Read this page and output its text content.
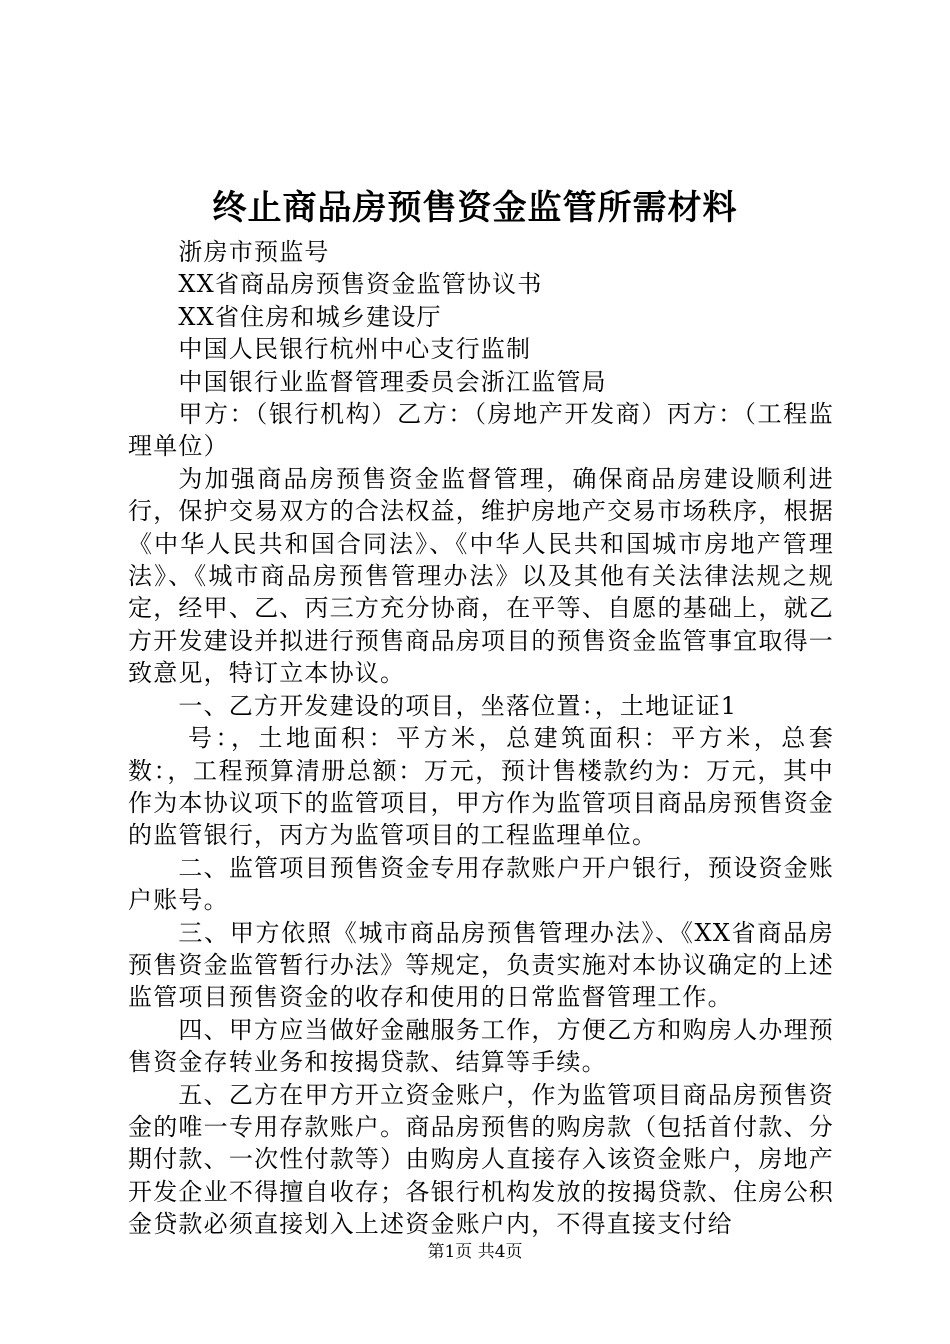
终止商品房预售资金监管所需材料

浙房市预监号

XX省商品房预售资金监管协议书

XX省住房和城乡建设厅

中国人民银行杭州中心支行监制

中国银行业监督管理委员会浙江监管局

甲方：（银行机构）乙方：（房地产开发商）丙方：（工程监理单位）

为加强商品房预售资金监督管理，确保商品房建设顺利进行，保护交易双方的合法权益，维护房地产交易市场秩序，根据《中华人民共和国合同法》、《中华人民共和国城市房地产管理法》、《城市商品房预售管理办法》以及其他有关法律法规之规定，经甲、乙、丙三方充分协商，在平等、自愿的基础上，就乙方开发建设并拟进行预售商品房项目的预售资金监管事宜取得一致意见，特订立本协议。

一、乙方开发建设的项目，坐落位置：，土地证证1

号：，土地面积：平方米，总建筑面积：平方米，总套数：，工程预算清册总额：万元，预计售楼款约为：万元，其中作为本协议项下的监管项目，甲方作为监管项目商品房预售资金的监管银行，丙方为监管项目的工程监理单位。

二、监管项目预售资金专用存款账户开户银行，预设资金账户账号。

三、甲方依照《城市商品房预售管理办法》、《XX省商品房预售资金监管暂行办法》等规定，负责实施对本协议确定的上述监管项目预售资金的收存和使用的日常监督管理工作。

四、甲方应当做好金融服务工作，方便乙方和购房人办理预售资金存转业务和按揭贷款、结算等手续。

五、乙方在甲方开立资金账户，作为监管项目商品房预售资金的唯一专用存款账户。商品房预售的购房款（包括首付款、分期付款、一次性付款等）由购房人直接存入该资金账户，房地产开发企业不得擅自收存；各银行机构发放的按揭贷款、住房公积金贷款必须直接划入上述资金账户内，不得直接支付给

第1页 共4页
